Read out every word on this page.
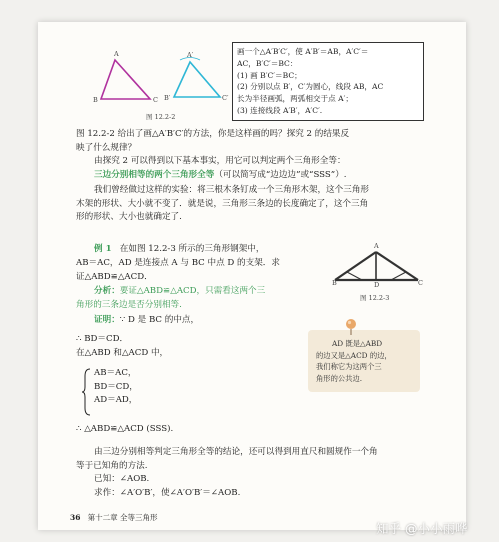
A
B	C
A′
B′	C′
图 12.2-2
画一个△A′B′C′，使 A′B′＝AB，A′C′＝
AC，B′C′＝BC：
(1) 画 B′C′＝BC；
(2) 分别以点 B′，C′为圆心，线段 AB，AC
长为半径画弧，两弧相交于点 A′；
(3) 连接线段 A′B′，A′C′.
图 12.2-2 给出了画△A′B′C′的方法，你是这样画的吗？探究 2 的结果反
映了什么规律？
由探究 2 可以得到以下基本事实，用它可以判定两个三角形全等：
三边分别相等的两个三角形全等（可以简写成“边边边”或“SSS”）.
我们曾经做过这样的实验：将三根木条钉成一个三角形木架，这个三角形
木架的形状、大小就不变了．就是说，三角形三条边的长度确定了，这个三角
形的形状、大小也就确定了.
例 1 在如图 12.2-3 所示的三角形钢架中，
AB＝AC，AD 是连接点 A 与 BC 中点 D 的支架．求
证△ABD≌△ACD．
A
B	C
D
图 12.2-3
分析：要证△ABD≌△ACD，只需看这两个三
角形的三条边是否分别相等.
证明：∵ D 是 BC 的中点，
∴ BD＝CD．
在△ABD 和△ACD 中，
AB＝AC，
BD＝CD，
AD＝AD，
∴ △ABD≌△ACD (SSS).
AD 既是△ABD
的边又是△ACD 的边，
我们称它为这两个三
角形的公共边.
由三边分别相等判定三角形全等的结论，还可以得到用直尺和圆规作一个角
等于已知角的方法.
已知：∠AOB.
求作：∠A′O′B′，使∠A′O′B′＝∠AOB.
36 第十二章 全等三角形
知乎 @小小雨哗
